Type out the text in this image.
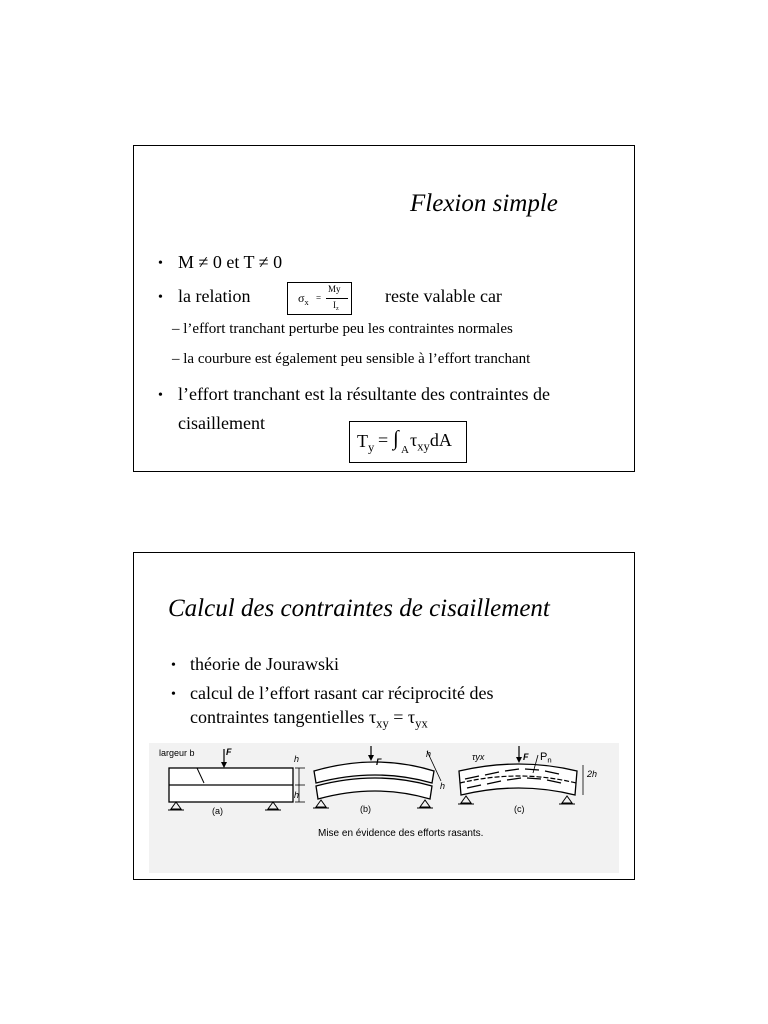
Flexion simple
• M ≠ 0 et T ≠ 0
• la relation	$\sigma_x$ =
My
$I_z$
reste valable car
– l’effort tranchant perturbe peu les contraintes normales
– la courbure est également peu sensible à l’effort tranchant
• l’effort tranchant est la résultante des contraintes de
cisaillement
$T_y$ = ∫ A $\tau_{xy}dA$
Calcul des contraintes de cisaillement
• théorie de Jourawski
• calcul de l’effort rasant car réciprocité des
contraintes tangentielles $\tau_{xy} = \tau_{yx}$
largeur b	F
h
h
F
h
h
τyx	F $P_n$
2h
(a)	(b)	(c)
Mise en évidence des efforts rasants.
